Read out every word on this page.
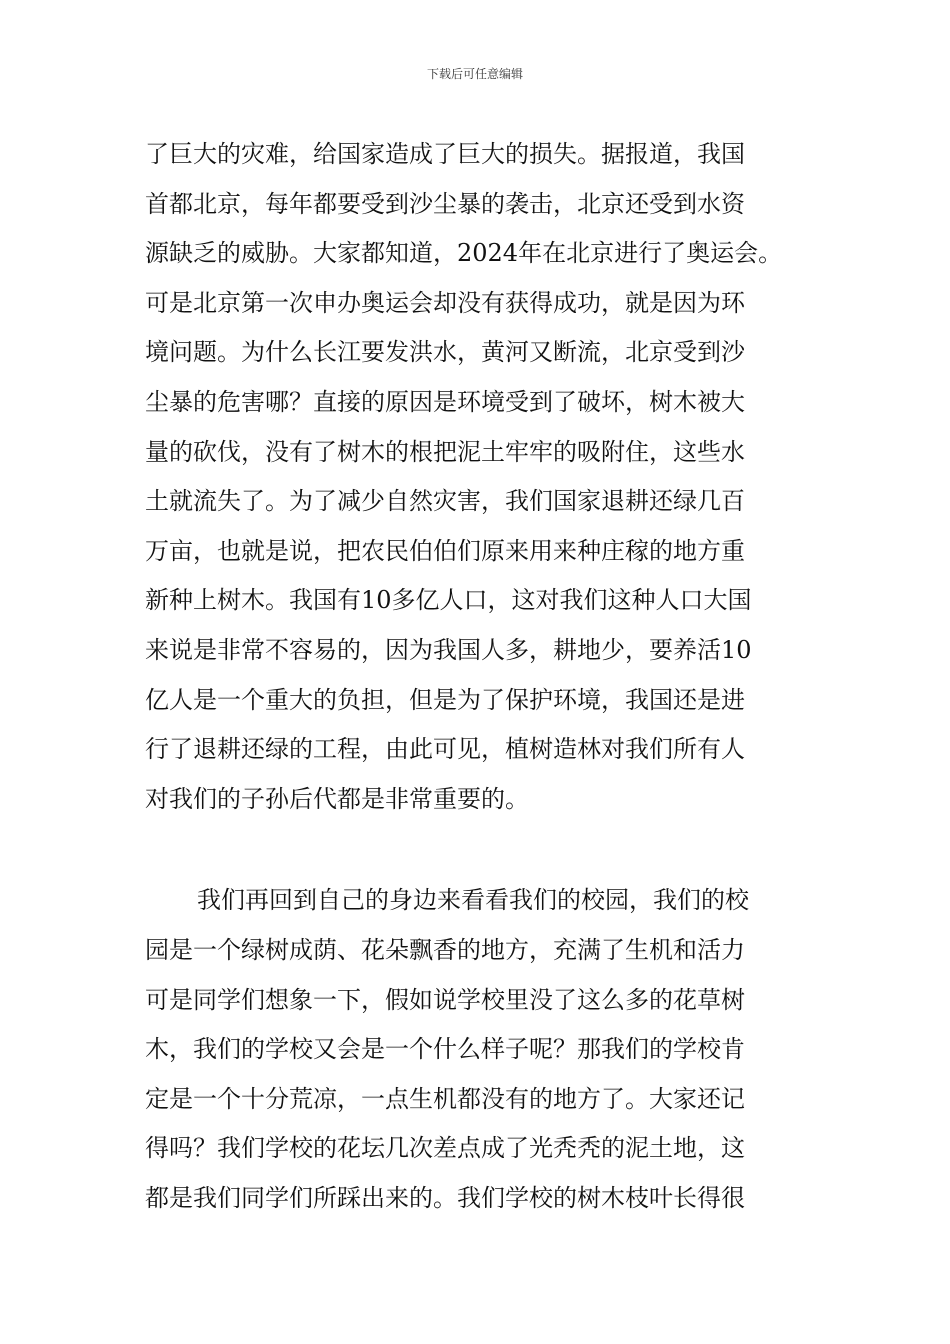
下载后可任意编辑
了巨大的灾难，给国家造成了巨大的损失。据报道，我国
首都北京，每年都要受到沙尘暴的袭击，北京还受到水资
源缺乏的威胁。大家都知道，2024年在北京进行了奥运会。
可是北京第一次申办奥运会却没有获得成功，就是因为环
境问题。为什么长江要发洪水，黄河又断流，北京受到沙
尘暴的危害哪？直接的原因是环境受到了破坏，树木被大
量的砍伐，没有了树木的根把泥土牢牢的吸附住，这些水
土就流失了。为了减少自然灾害，我们国家退耕还绿几百
万亩，也就是说，把农民伯伯们原来用来种庄稼的地方重
新种上树木。我国有10多亿人口，这对我们这种人口大国
来说是非常不容易的，因为我国人多，耕地少，要养活10
亿人是一个重大的负担，但是为了保护环境，我国还是进
行了退耕还绿的工程，由此可见，植树造林对我们所有人
对我们的子孙后代都是非常重要的。
我们再回到自己的身边来看看我们的校园，我们的校
园是一个绿树成荫、花朵飘香的地方，充满了生机和活力
可是同学们想象一下，假如说学校里没了这么多的花草树
木，我们的学校又会是一个什么样子呢？那我们的学校肯
定是一个十分荒凉，一点生机都没有的地方了。大家还记
得吗？我们学校的花坛几次差点成了光秃秃的泥土地，这
都是我们同学们所踩出来的。我们学校的树木枝叶长得很
